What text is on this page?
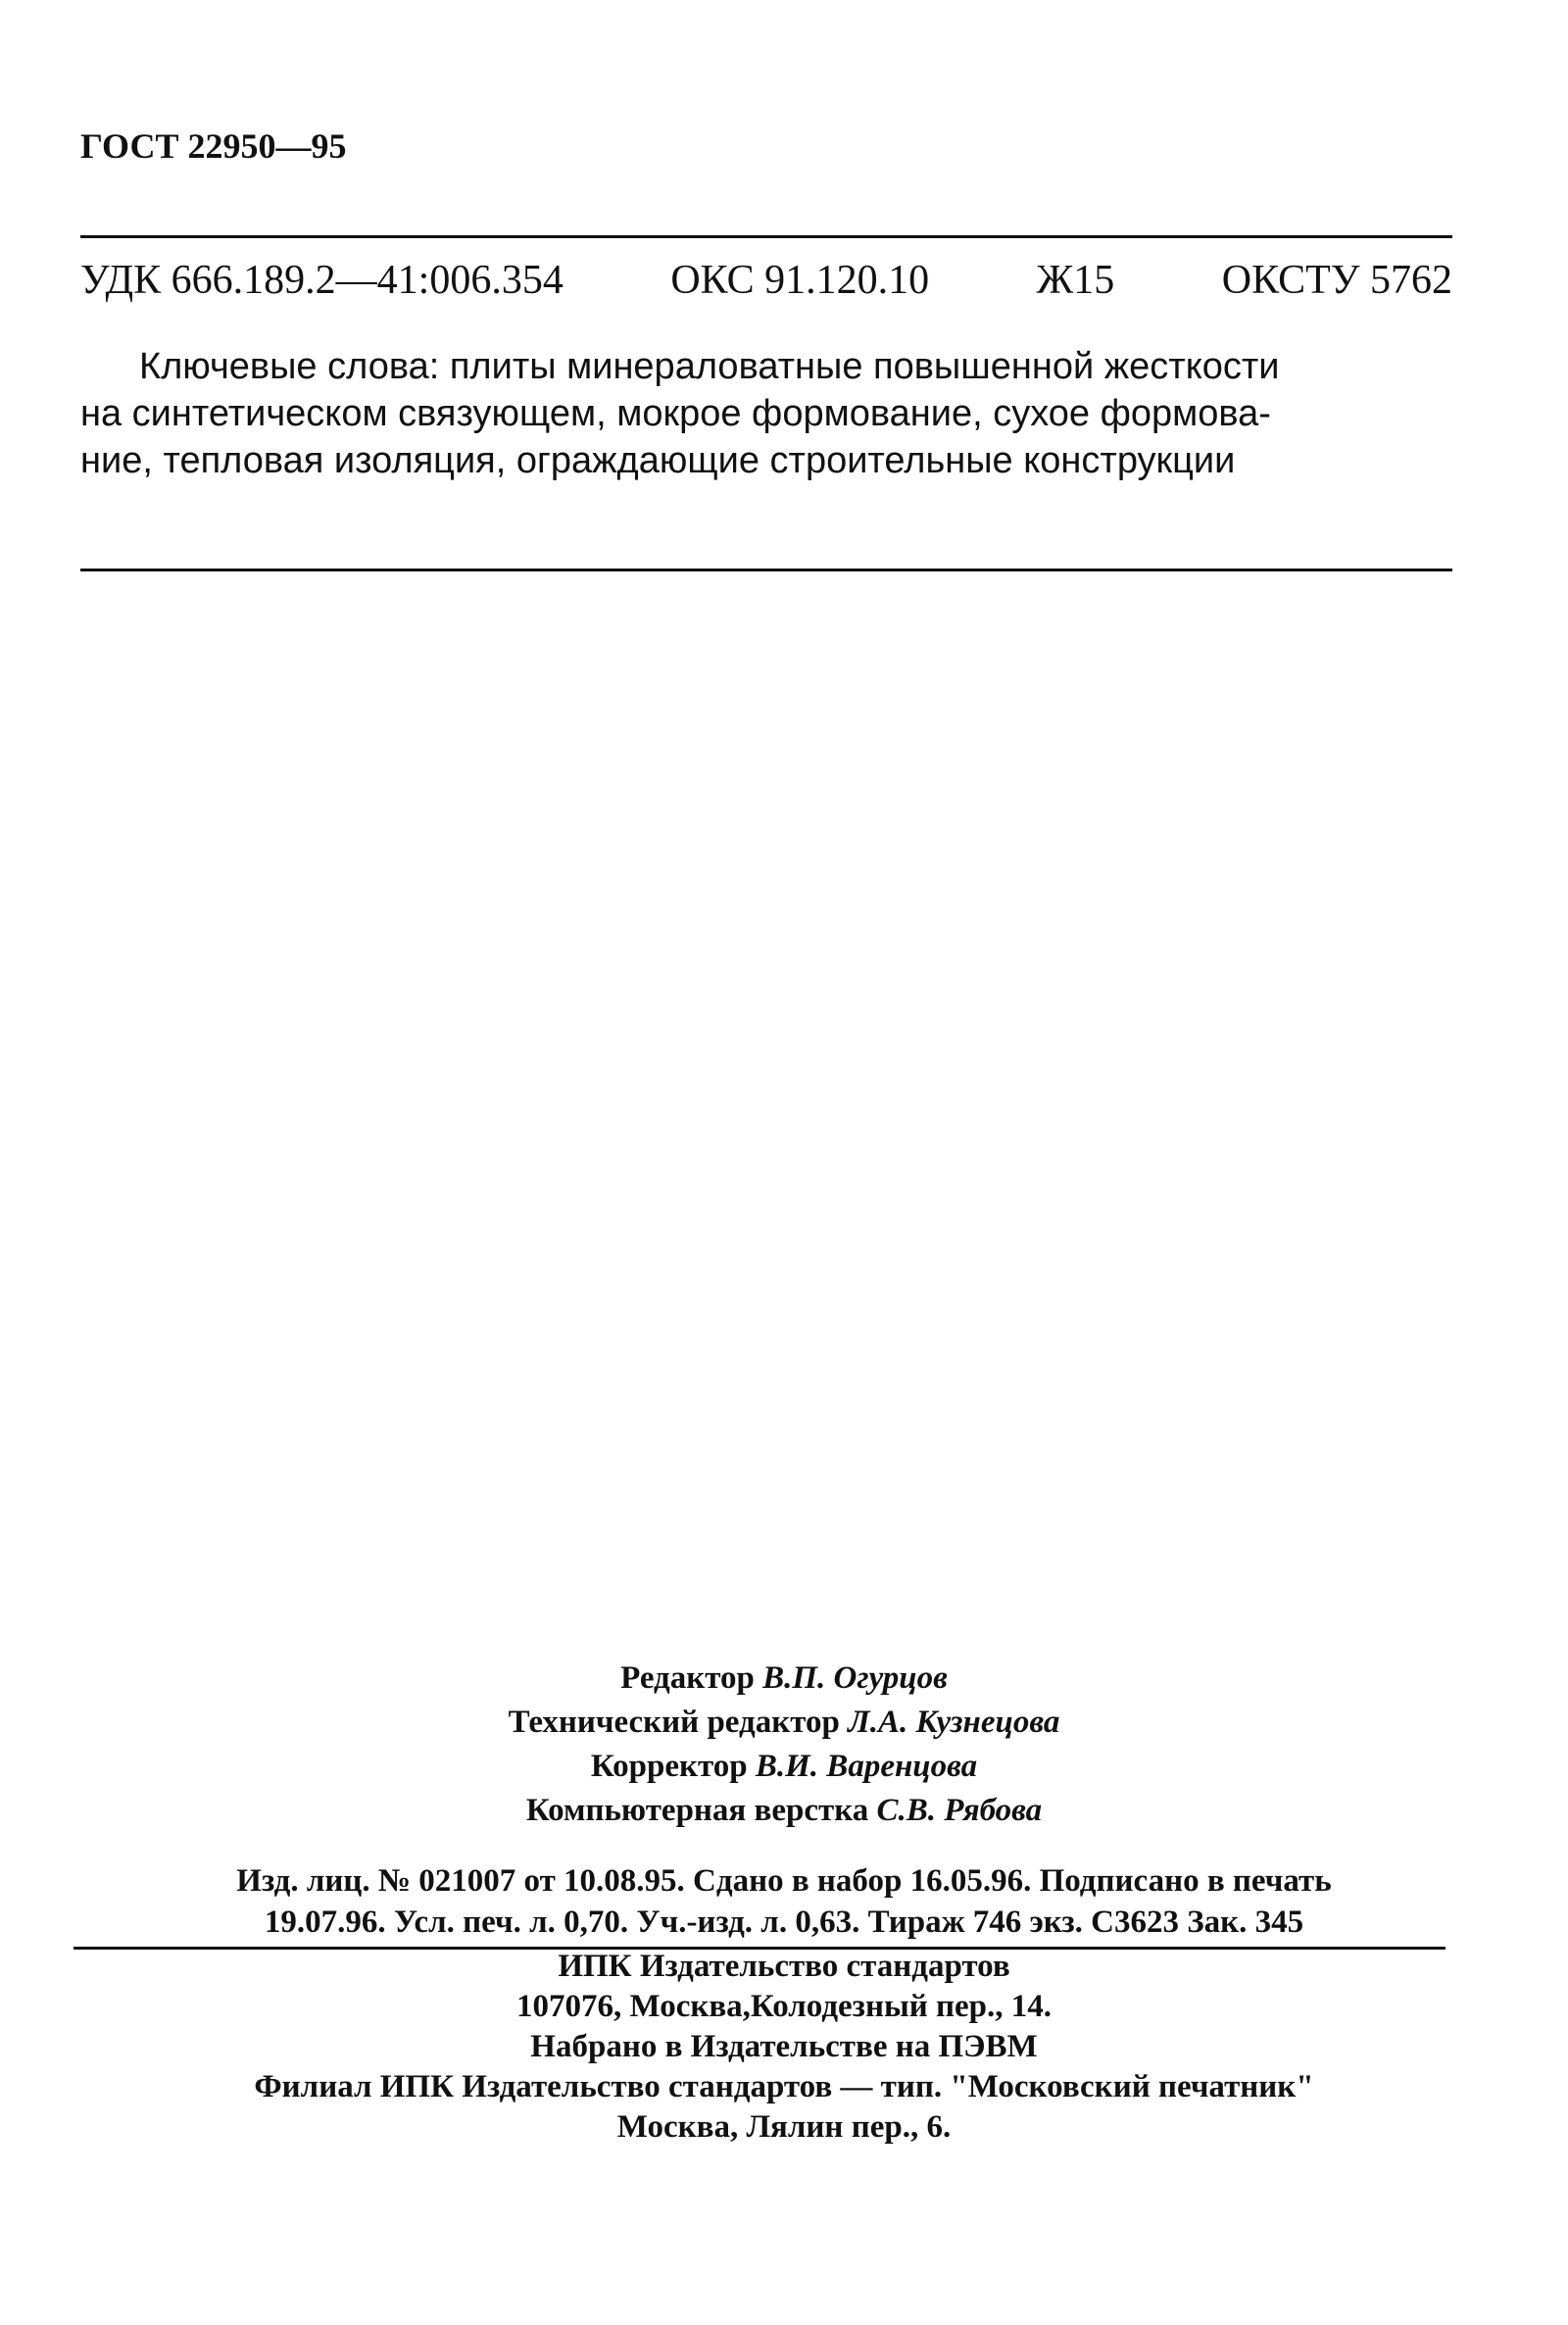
ГОСТ 22950—95
УДК 666.189.2—41:006.354	ОКС 91.120.10	Ж15	ОКСТУ 5762
Ключевые слова: плиты минераловатные повышенной жесткости
на синтетическом связующем, мокрое формование, сухое формова-
ние, тепловая изоляция, ограждающие строительные конструкции
Редактор В.П. Огурцов
Технический редактор Л.А. Кузнецова
Корректор В.И. Варенцова
Компьютерная верстка С.В. Рябова
Изд. лиц. № 021007 от 10.08.95. Сдано в набор 16.05.96. Подписано в печать
19.07.96. Усл. печ. л. 0,70. Уч.-изд. л. 0,63. Тираж 746 экз. С3623 Зак. 345
ИПК Издательство стандартов
107076, Москва,Колодезный пер., 14.
Набрано в Издательстве на ПЭВМ
Филиал ИПК Издательство стандартов — тип. "Московский печатник"
Москва, Лялин пер., 6.
